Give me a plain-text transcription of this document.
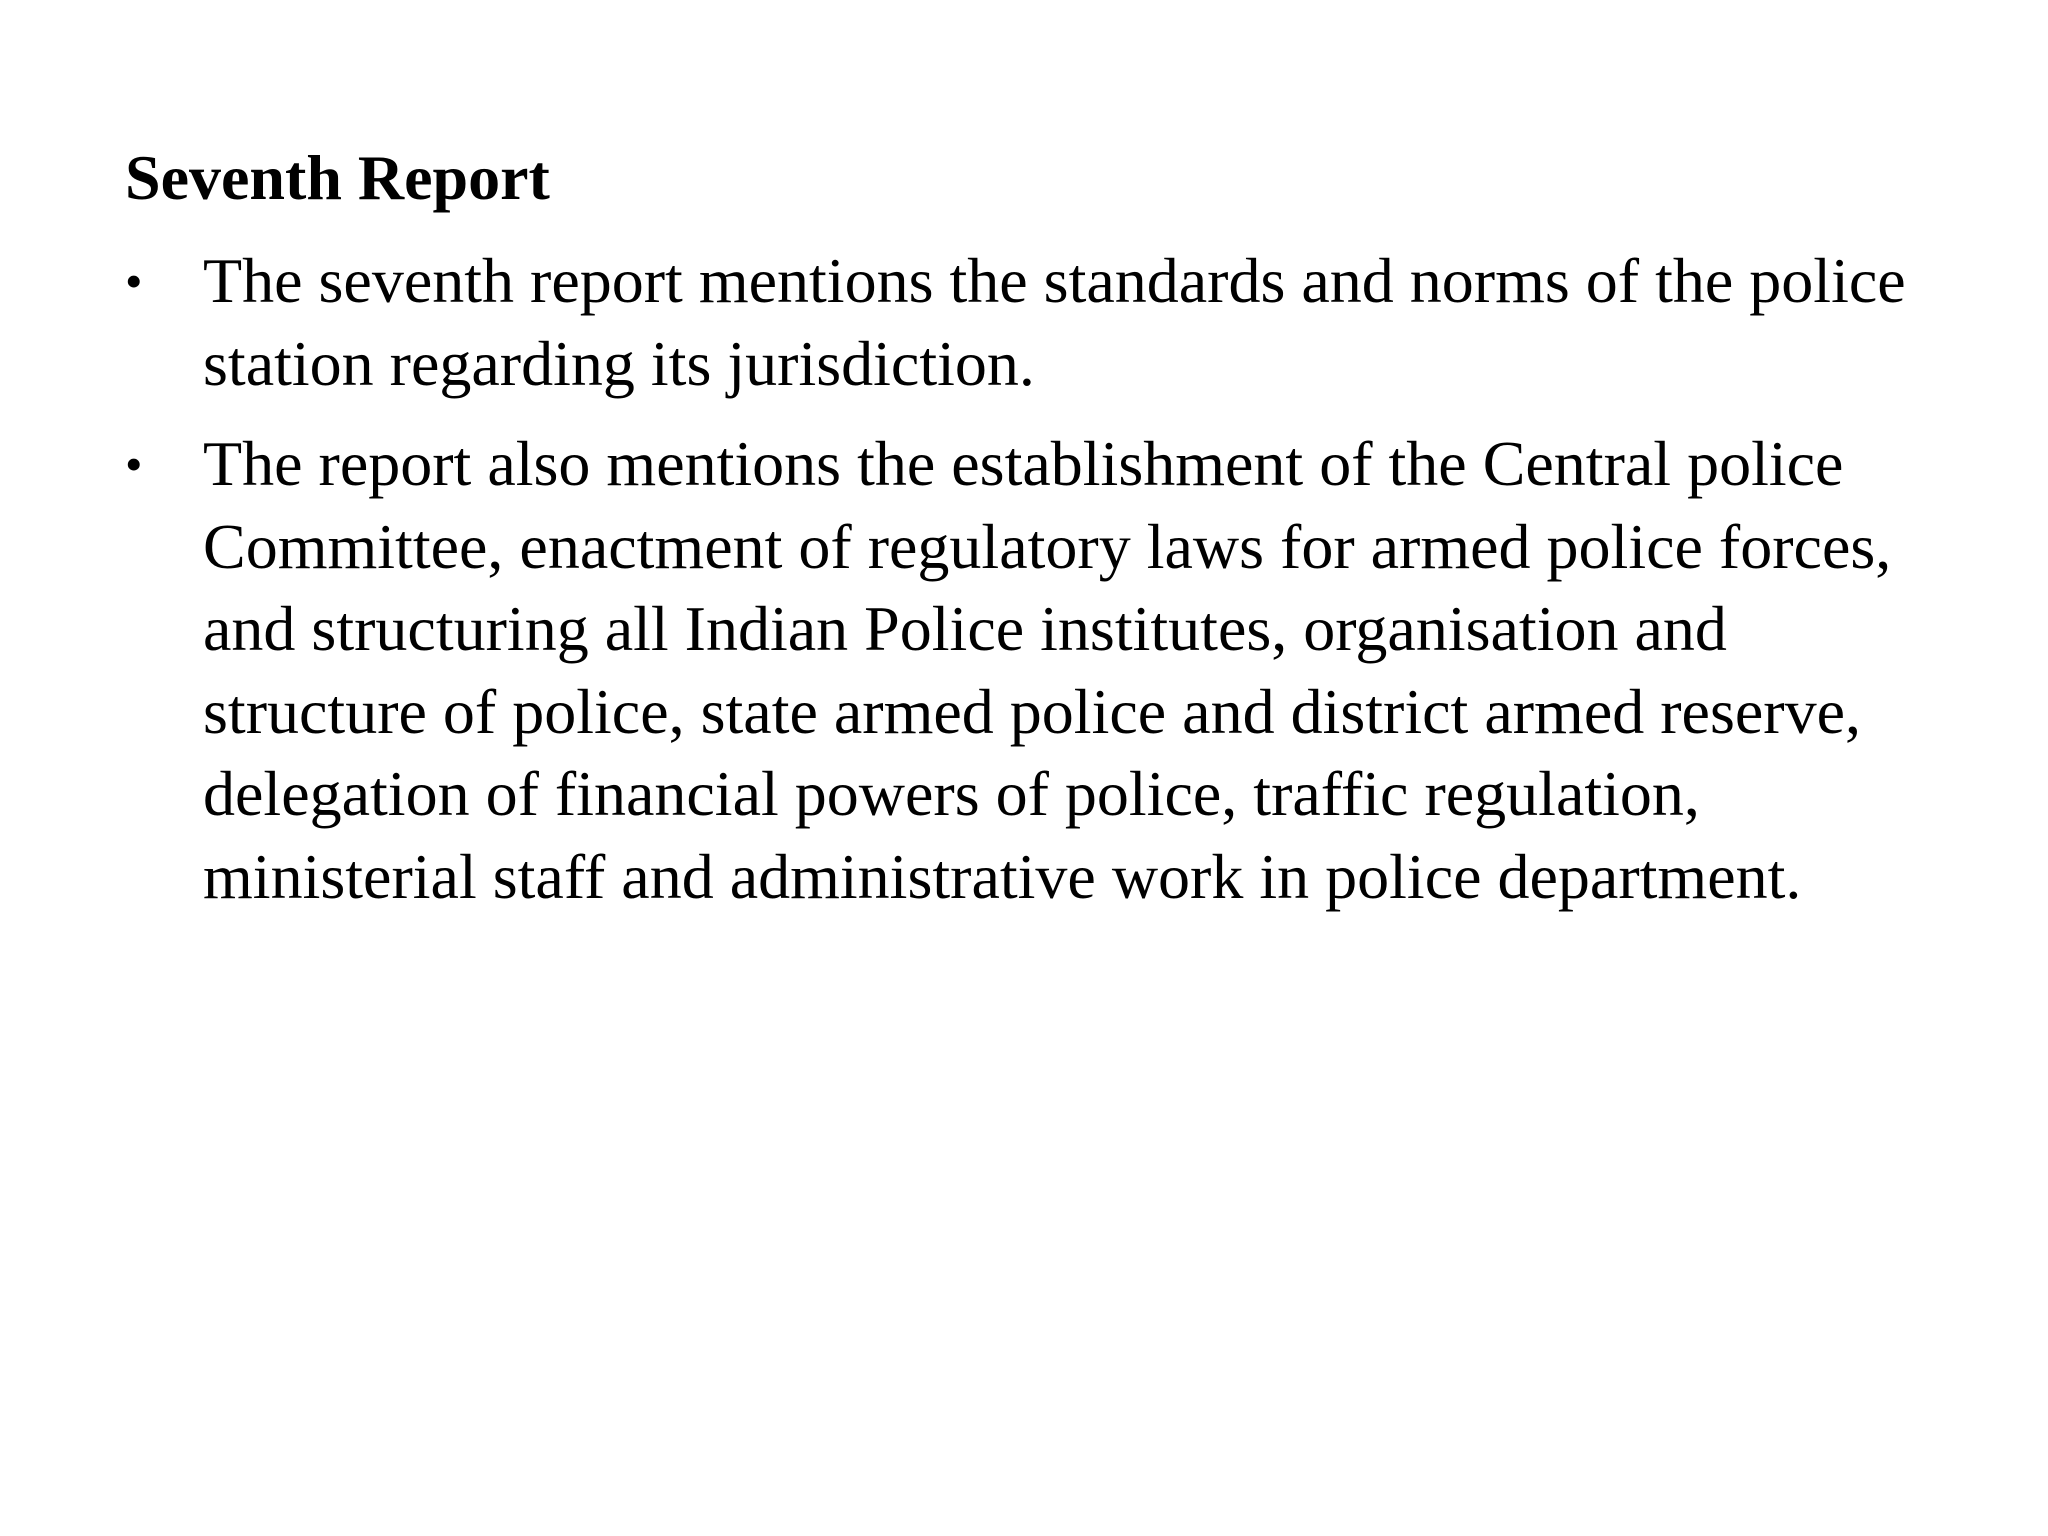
Seventh Report
• The seventh report mentions the standards and norms of the police station regarding its jurisdiction.
• The report also mentions the establishment of the Central police Committee, enactment of regulatory laws for armed police forces, and structuring all Indian Police institutes, organisation and structure of police, state armed police and district armed reserve, delegation of financial powers of police, traffic regulation, ministerial staff and administrative work in police department.
